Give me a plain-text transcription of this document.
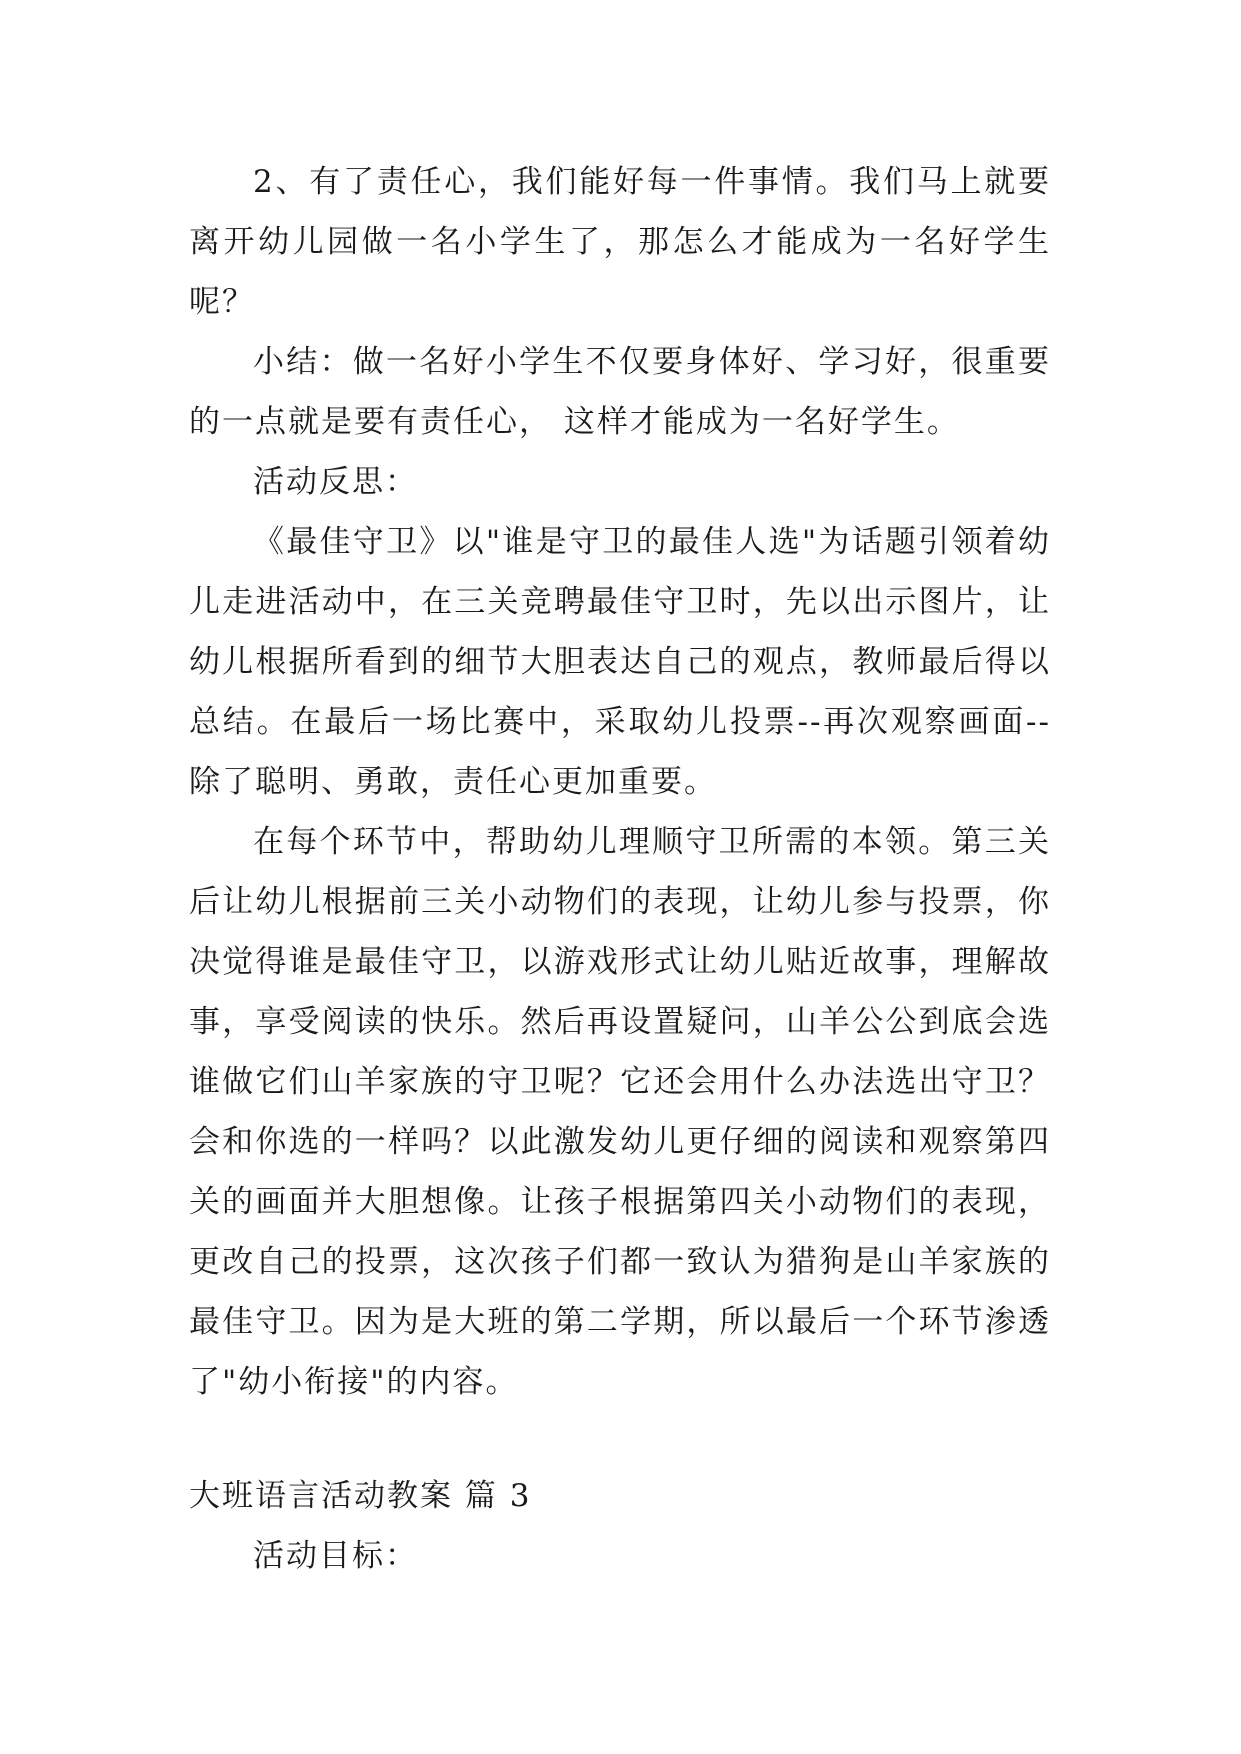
2、有了责任心，我们能好每一件事情。我们马上就要离开幼儿园做一名小学生了，那怎么才能成为一名好学生呢？

小结：做一名好小学生不仅要身体好、学习好，很重要的一点就是要有责任心， 这样才能成为一名好学生。

活动反思：

《最佳守卫》以"谁是守卫的最佳人选"为话题引领着幼儿走进活动中，在三关竞聘最佳守卫时，先以出示图片，让幼儿根据所看到的细节大胆表达自己的观点，教师最后得以总结。在最后一场比赛中，采取幼儿投票--再次观察画面--除了聪明、勇敢，责任心更加重要。

在每个环节中，帮助幼儿理顺守卫所需的本领。第三关后让幼儿根据前三关小动物们的表现，让幼儿参与投票，你决觉得谁是最佳守卫，以游戏形式让幼儿贴近故事，理解故事，享受阅读的快乐。然后再设置疑问，山羊公公到底会选谁做它们山羊家族的守卫呢？它还会用什么办法选出守卫？会和你选的一样吗？以此激发幼儿更仔细的阅读和观察第四关的画面并大胆想像。让孩子根据第四关小动物们的表现，更改自己的投票，这次孩子们都一致认为猎狗是山羊家族的最佳守卫。因为是大班的第二学期，所以最后一个环节渗透了"幼小衔接"的内容。

大班语言活动教案 篇 3

活动目标：
